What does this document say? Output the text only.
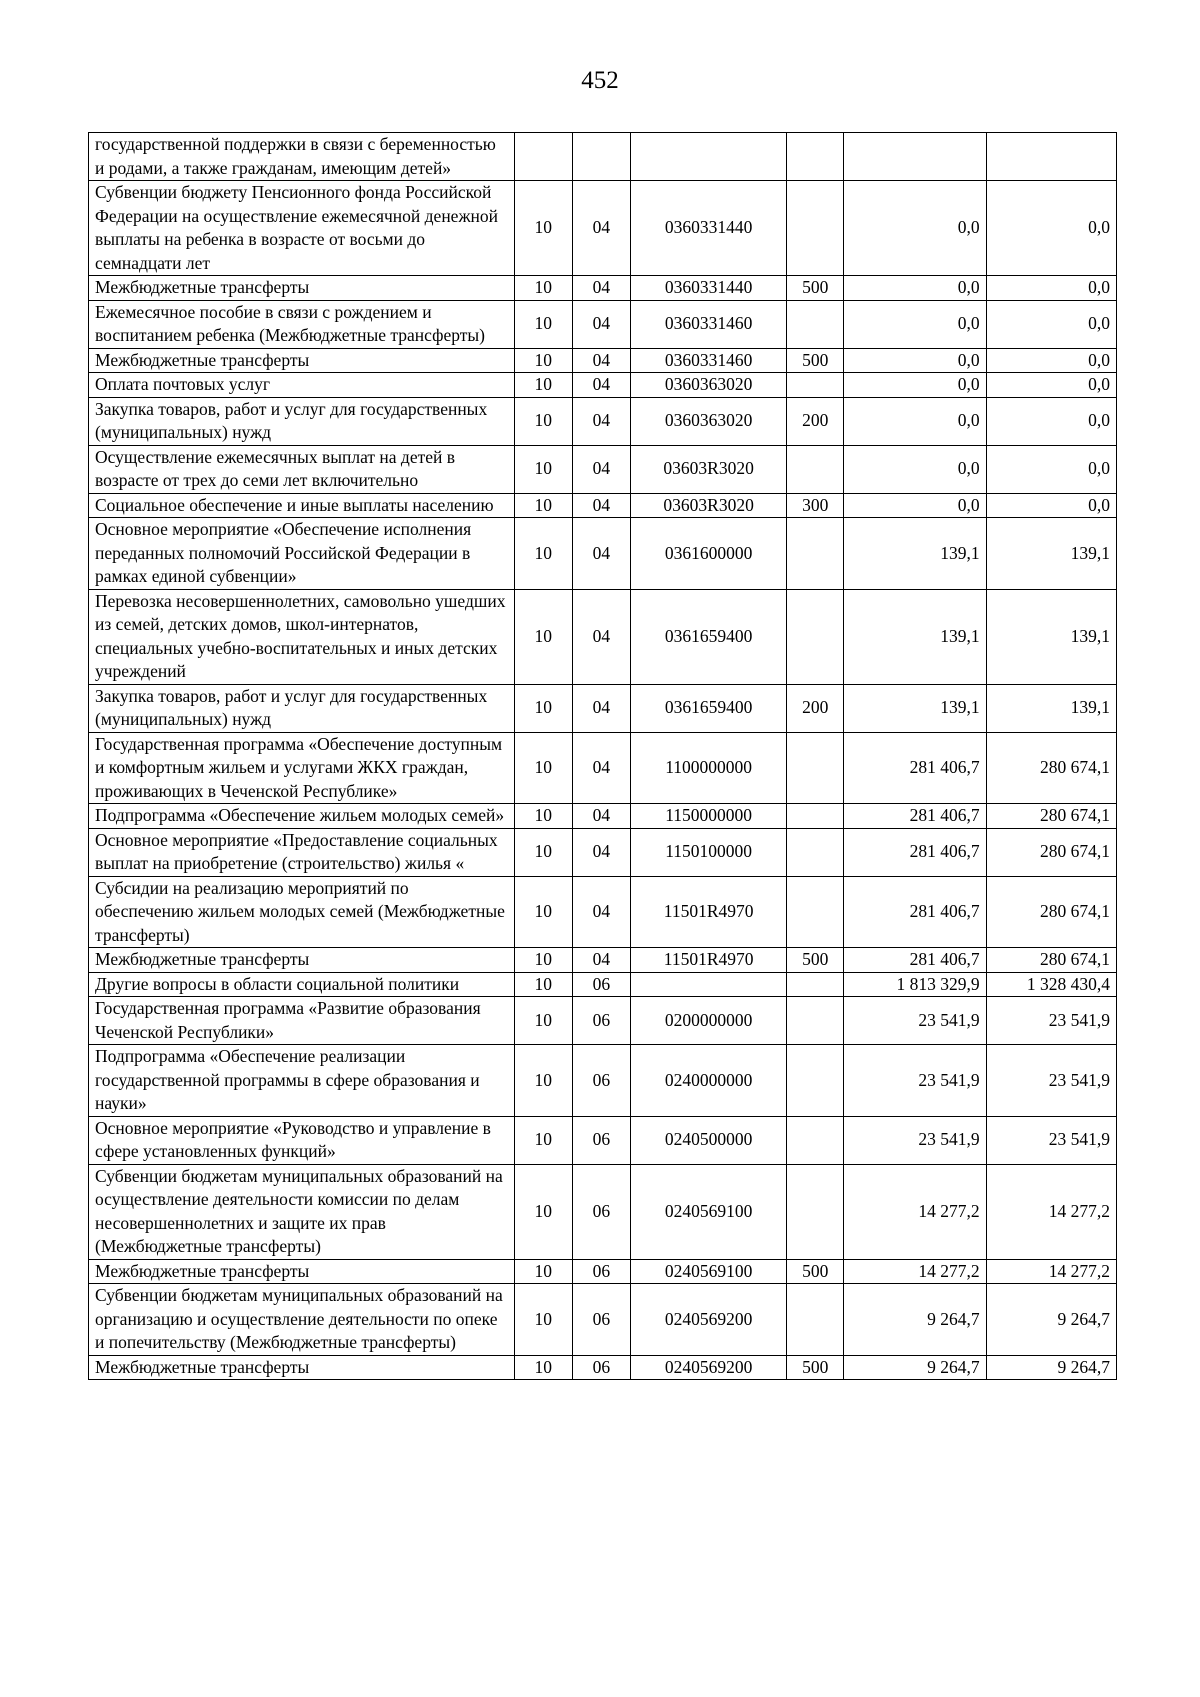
452
государственной поддержки в связи с беременностью и родами, а также гражданам, имеющим детей»						
Субвенции бюджету Пенсионного фонда Российской Федерации на осуществление ежемесячной денежной выплаты на ребенка в возрасте от восьми до семнадцати лет	10	04	0360331440		0,0	0,0
Межбюджетные трансферты	10	04	0360331440	500	0,0	0,0
Ежемесячное пособие в связи с рождением и воспитанием ребенка (Межбюджетные трансферты)	10	04	0360331460		0,0	0,0
Межбюджетные трансферты	10	04	0360331460	500	0,0	0,0
Оплата почтовых услуг	10	04	0360363020		0,0	0,0
Закупка товаров, работ и услуг для государственных (муниципальных) нужд	10	04	0360363020	200	0,0	0,0
Осуществление ежемесячных выплат на детей в возрасте от трех до семи лет включительно	10	04	03603R3020		0,0	0,0
Социальное обеспечение и иные выплаты населению	10	04	03603R3020	300	0,0	0,0
Основное мероприятие «Обеспечение исполнения переданных полномочий Российской Федерации в рамках единой субвенции»	10	04	0361600000		139,1	139,1
Перевозка несовершеннолетних, самовольно ушедших из семей, детских домов, школ-интернатов, специальных учебно-воспитательных и иных детских учреждений	10	04	0361659400		139,1	139,1
Закупка товаров, работ и услуг для государственных (муниципальных) нужд	10	04	0361659400	200	139,1	139,1
Государственная программа «Обеспечение доступным и комфортным жильем и услугами ЖКХ граждан, проживающих в Чеченской Республике»	10	04	1100000000		281 406,7	280 674,1
Подпрограмма «Обеспечение жильем молодых семей»	10	04	1150000000		281 406,7	280 674,1
Основное мероприятие «Предоставление социальных выплат на приобретение (строительство) жилья «	10	04	1150100000		281 406,7	280 674,1
Субсидии на реализацию мероприятий по обеспечению жильем молодых семей (Межбюджетные трансферты)	10	04	11501R4970		281 406,7	280 674,1
Межбюджетные трансферты	10	04	11501R4970	500	281 406,7	280 674,1
Другие вопросы в области социальной политики	10	06			1 813 329,9	1 328 430,4
Государственная программа «Развитие образования Чеченской Республики»	10	06	0200000000		23 541,9	23 541,9
Подпрограмма «Обеспечение реализации государственной программы в сфере образования и науки»	10	06	0240000000		23 541,9	23 541,9
Основное мероприятие «Руководство и управление в сфере установленных функций»	10	06	0240500000		23 541,9	23 541,9
Субвенции бюджетам муниципальных образований на осуществление деятельности комиссии по делам несовершеннолетних и защите их прав (Межбюджетные трансферты)	10	06	0240569100		14 277,2	14 277,2
Межбюджетные трансферты	10	06	0240569100	500	14 277,2	14 277,2
Субвенции бюджетам муниципальных образований на организацию и осуществление деятельности по опеке и попечительству (Межбюджетные трансферты)	10	06	0240569200		9 264,7	9 264,7
Межбюджетные трансферты	10	06	0240569200	500	9 264,7	9 264,7
